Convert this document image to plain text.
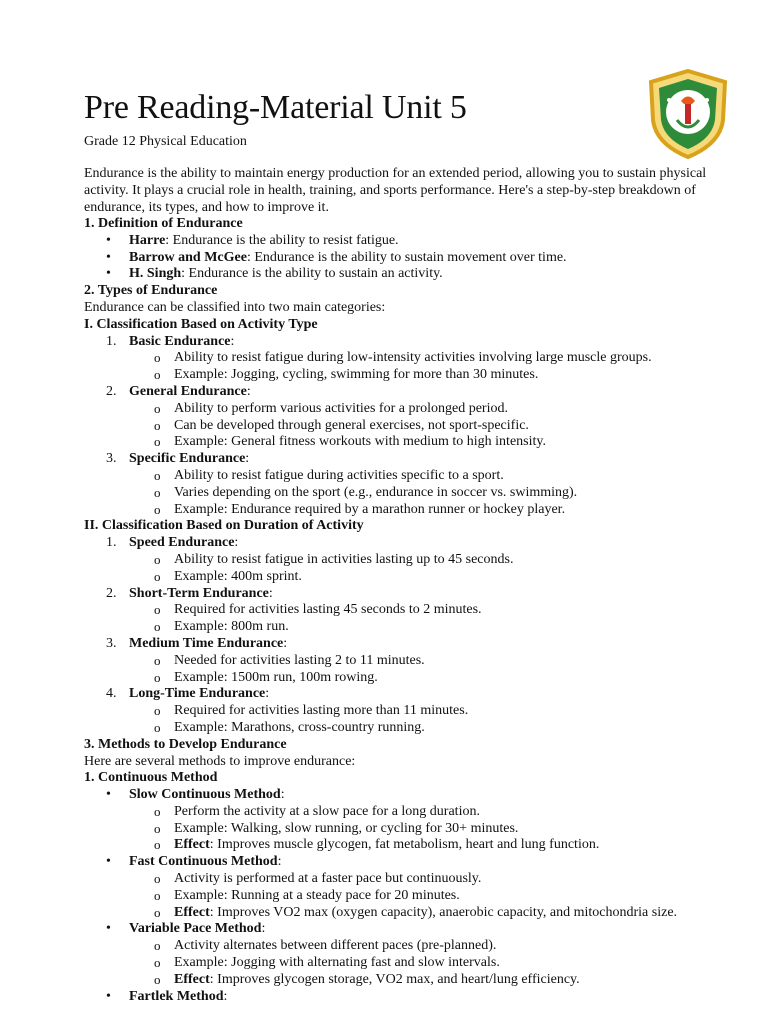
Pre Reading-Material Unit 5
Grade 12 Physical Education
Endurance is the ability to maintain energy production for an extended period, allowing you to sustain physical activity. It plays a crucial role in health, training, and sports performance. Here's a step-by-step breakdown of endurance, its types, and how to improve it.
1. Definition of Endurance
• Harre: Endurance is the ability to resist fatigue.
• Barrow and McGee: Endurance is the ability to sustain movement over time.
• H. Singh: Endurance is the ability to sustain an activity.
2. Types of Endurance
Endurance can be classified into two main categories:
I. Classification Based on Activity Type
1. Basic Endurance:
o Ability to resist fatigue during low-intensity activities involving large muscle groups.
o Example: Jogging, cycling, swimming for more than 30 minutes.
2. General Endurance:
o Ability to perform various activities for a prolonged period.
o Can be developed through general exercises, not sport-specific.
o Example: General fitness workouts with medium to high intensity.
3. Specific Endurance:
o Ability to resist fatigue during activities specific to a sport.
o Varies depending on the sport (e.g., endurance in soccer vs. swimming).
o Example: Endurance required by a marathon runner or hockey player.
II. Classification Based on Duration of Activity
1. Speed Endurance:
o Ability to resist fatigue in activities lasting up to 45 seconds.
o Example: 400m sprint.
2. Short-Term Endurance:
o Required for activities lasting 45 seconds to 2 minutes.
o Example: 800m run.
3. Medium Time Endurance:
o Needed for activities lasting 2 to 11 minutes.
o Example: 1500m run, 100m rowing.
4. Long-Time Endurance:
o Required for activities lasting more than 11 minutes.
o Example: Marathons, cross-country running.
3. Methods to Develop Endurance
Here are several methods to improve endurance:
1. Continuous Method
• Slow Continuous Method:
o Perform the activity at a slow pace for a long duration.
o Example: Walking, slow running, or cycling for 30+ minutes.
o Effect: Improves muscle glycogen, fat metabolism, heart and lung function.
• Fast Continuous Method:
o Activity is performed at a faster pace but continuously.
o Example: Running at a steady pace for 20 minutes.
o Effect: Improves VO2 max (oxygen capacity), anaerobic capacity, and mitochondria size.
• Variable Pace Method:
o Activity alternates between different paces (pre-planned).
o Example: Jogging with alternating fast and slow intervals.
o Effect: Improves glycogen storage, VO2 max, and heart/lung efficiency.
• Fartlek Method:
